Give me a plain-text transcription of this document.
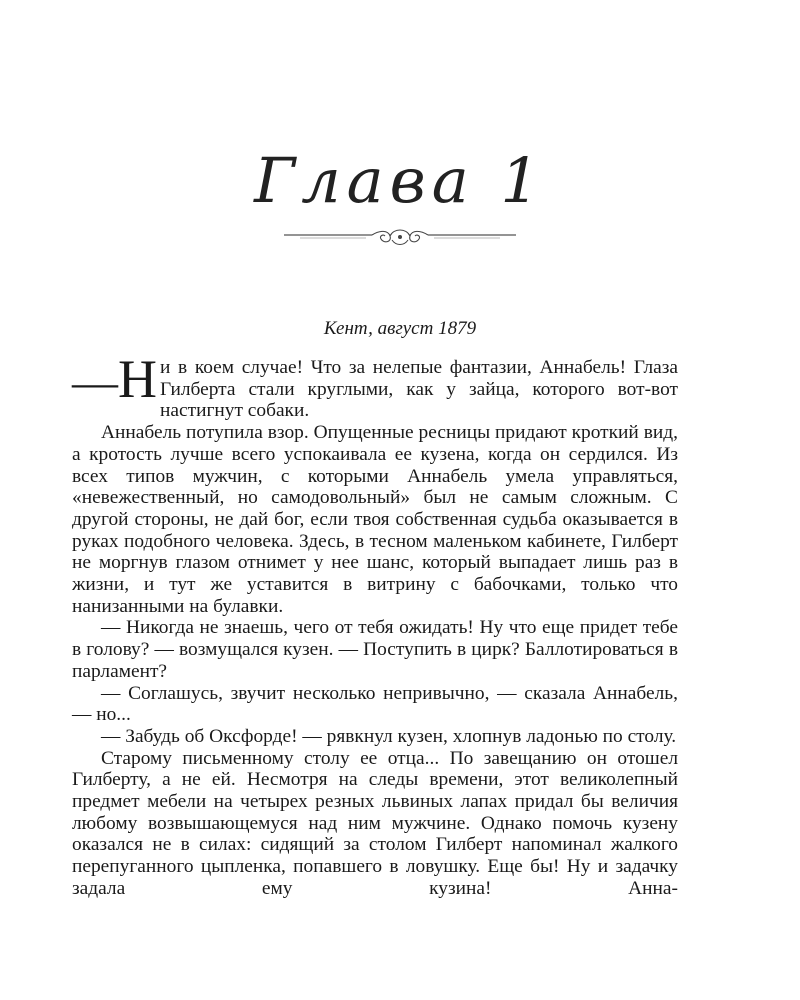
Глава 1
Кент, август 1879

— Н и в коем случае! Что за нелепые фантазии, Аннабель! Глаза Гилберта стали круглыми, как у зайца, которого вот-вот настигнут собаки.

Аннабель потупила взор. Опущенные ресницы придают кроткий вид, а кротость лучше всего успокаивала ее кузена, когда он сердился. Из всех типов мужчин, с которыми Аннабель умела управляться, «невежественный, но самодовольный» был не самым сложным. С другой стороны, не дай бог, если твоя собственная судьба оказывается в руках подобного человека. Здесь, в тесном маленьком кабинете, Гилберт не моргнув глазом отнимет у нее шанс, который выпадает лишь раз в жизни, и тут же уставится в витрину с бабочками, только что нанизанными на булавки.

— Никогда не знаешь, чего от тебя ожидать! Ну что еще придет тебе в голову? — возмущался кузен. — Поступить в цирк? Баллотироваться в парламент?

— Соглашусь, звучит несколько непривычно, — сказала Аннабель, — но...

— Забудь об Оксфорде! — рявкнул кузен, хлопнув ладонью по столу.

Старому письменному столу ее отца... По завещанию он отошел Гилберту, а не ей. Несмотря на следы времени, этот великолепный предмет мебели на четырех резных львиных лапах придал бы величия любому возвышающемуся над ним мужчине. Однако помочь кузену оказался не в силах: сидящий за столом Гилберт напоминал жалкого перепуганного цыпленка, попавшего в ловушку. Еще бы! Ну и задачку задала ему кузина! Анна-
